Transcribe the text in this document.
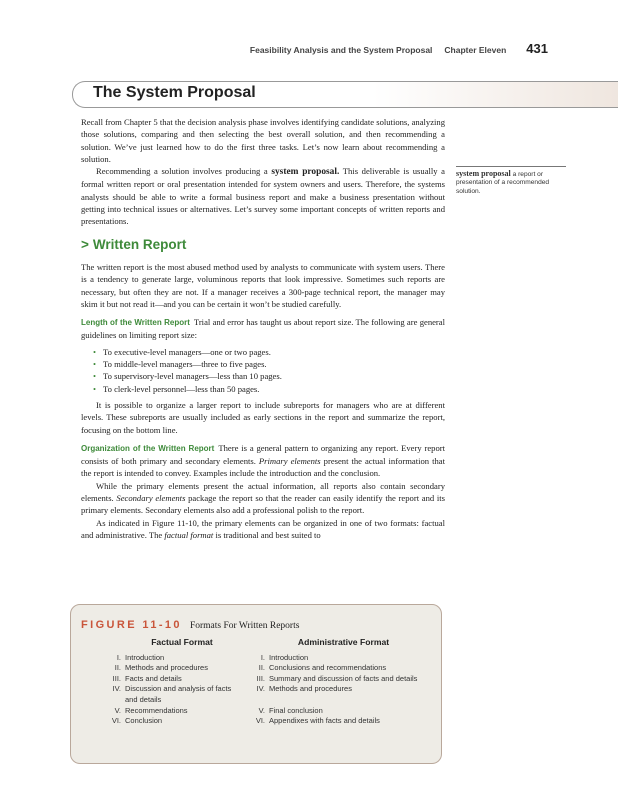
Feasibility Analysis and the System Proposal Chapter Eleven 431
The System Proposal

Recall from Chapter 5 that the decision analysis phase involves identifying candidate solutions, analyzing those solutions, comparing and then selecting the best overall solution, and then recommending a solution. We’ve just learned how to do the first three tasks. Let’s now learn about recommending a solution.

Recommending a solution involves producing a system proposal. This deliverable is usually a formal written report or oral presentation intended for system owners and users. Therefore, the systems analysts should be able to write a formal business report and make a business presentation without getting into technical issues or alternatives. Let’s survey some important concepts of written reports and presentations.

system proposal a report or presentation of a recommended solution.
> Written Report

The written report is the most abused method used by analysts to communicate with system users. There is a tendency to generate large, voluminous reports that look impressive. Sometimes such reports are necessary, but often they are not. If a manager receives a 300-page technical report, the manager may skim it but not read it—and you can be certain it won’t be studied carefully.

Length of the Written Report Trial and error has taught us about report size. The following are general guidelines on limiting report size:

• To executive-level managers—one or two pages.
• To middle-level managers—three to five pages.
• To supervisory-level managers—less than 10 pages.
• To clerk-level personnel—less than 50 pages.

It is possible to organize a larger report to include subreports for managers who are at different levels. These subreports are usually included as early sections in the report and summarize the report, focusing on the bottom line.

Organization of the Written Report There is a general pattern to organizing any report. Every report consists of both primary and secondary elements. Primary elements present the actual information that the report is intended to convey. Examples include the introduction and the conclusion.

While the primary elements present the actual information, all reports also contain secondary elements. Secondary elements package the report so that the reader can easily identify the report and its primary elements. Secondary elements also add a professional polish to the report.

As indicated in Figure 11-10, the primary elements can be organized in one of two formats: factual and administrative. The factual format is traditional and best suited to

FIGURE 11-10 Formats For Written Reports
Factual Format
I. Introduction
II. Methods and procedures
III. Facts and details
IV. Discussion and analysis of facts and details
V. Recommendations
VI. Conclusion
Administrative Format
I. Introduction
II. Conclusions and recommendations
III. Summary and discussion of facts and details
IV. Methods and procedures
V. Final conclusion
VI. Appendixes with facts and details
